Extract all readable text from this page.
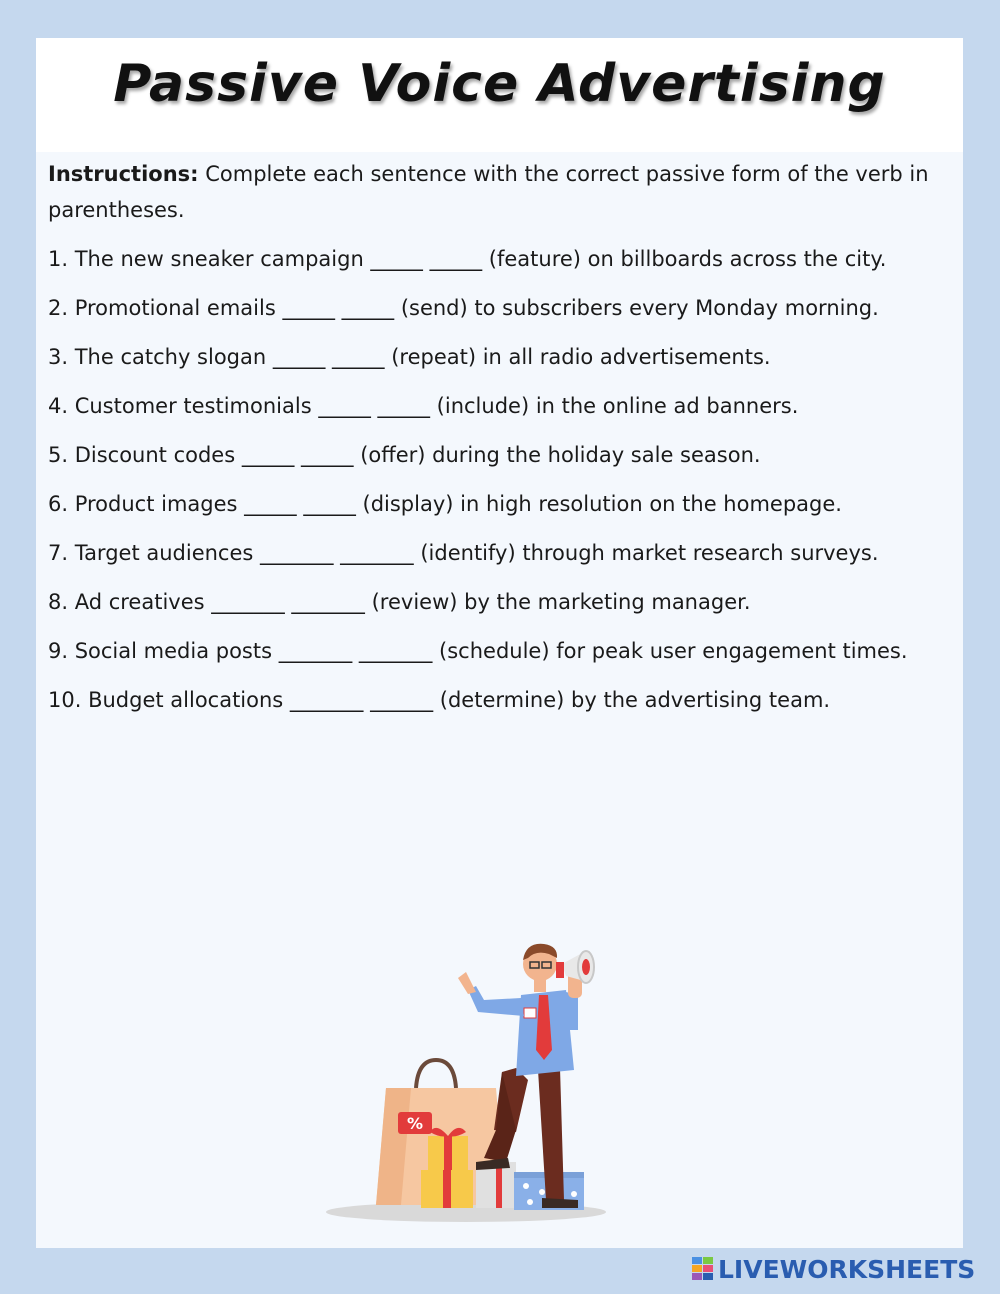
Passive Voice Advertising

Instructions: Complete each sentence with the correct passive form of the verb in parentheses.

1. The new sneaker campaign _____ _____ (feature) on billboards across the city.

2. Promotional emails _____ _____ (send) to subscribers every Monday morning.

3. The catchy slogan _____ _____ (repeat) in all radio advertisements.

4. Customer testimonials _____ _____ (include) in the online ad banners.

5. Discount codes _____ _____ (offer) during the holiday sale season.

6. Product images _____ _____ (display) in high resolution on the homepage.

7. Target audiences _______ _______ (identify) through market research surveys.

8. Ad creatives _______ _______ (review) by the marketing manager.

9. Social media posts _______ _______ (schedule) for peak user engagement times.

10. Budget allocations _______ ______ (determine) by the advertising team.

%
LIVEWORKSHEETS
